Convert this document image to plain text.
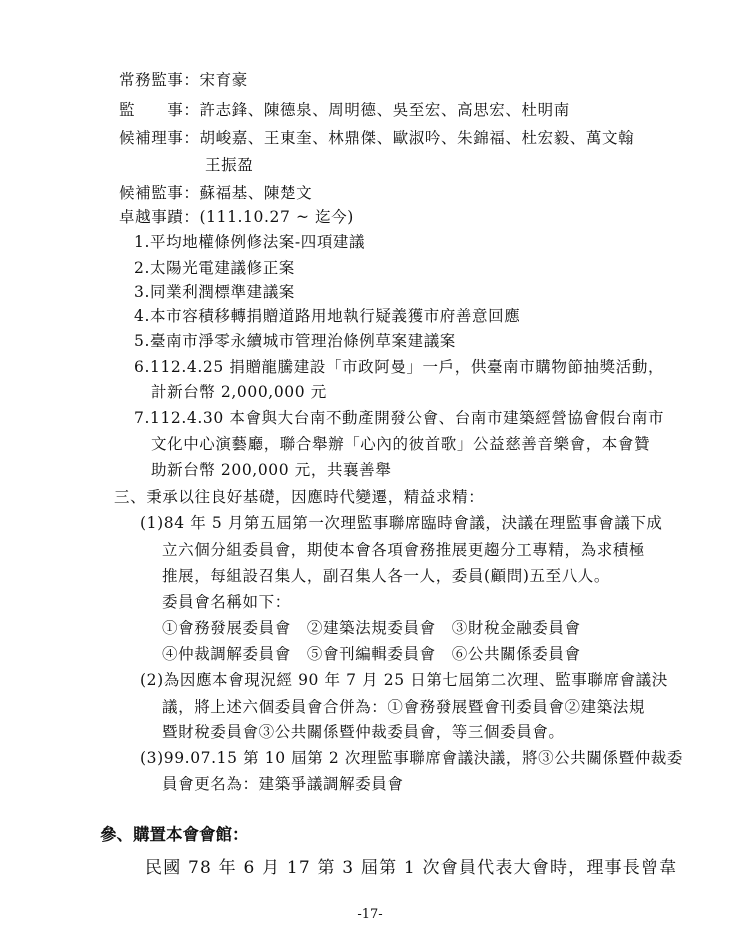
常務監事：宋育豪
監　　事：許志鋒、陳德泉、周明德、吳至宏、高思宏、杜明南
候補理事：胡峻嘉、王東奎、林鼎傑、歐淑吟、朱錦福、杜宏毅、萬文翰
王振盈
候補監事：蘇福基、陳楚文
卓越事蹟：(111.10.27 ~ 迄今)
1.平均地權條例修法案-四項建議
2.太陽光電建議修正案
3.同業利潤標準建議案
4.本市容積移轉捐贈道路用地執行疑義獲市府善意回應
5.臺南市淨零永續城市管理治條例草案建議案
6.112.4.25 捐贈龍騰建設「市政阿曼」一戶，供臺南市購物節抽獎活動，
計新台幣 2,000,000 元
7.112.4.30 本會與大台南不動產開發公會、台南市建築經營協會假台南市
文化中心演藝廳，聯合舉辦「心內的彼首歌」公益慈善音樂會，本會贊
助新台幣 200,000 元，共襄善舉
三、秉承以往良好基礎，因應時代變遷，精益求精：
(1)84 年 5 月第五屆第一次理監事聯席臨時會議，決議在理監事會議下成
立六個分組委員會，期使本會各項會務推展更趨分工專精，為求積極
推展，每組設召集人，副召集人各一人，委員(顧問)五至八人。
委員會名稱如下：
①會務發展委員會　②建築法規委員會　③財稅金融委員會
④仲裁調解委員會　⑤會刊編輯委員會　⑥公共關係委員會
(2)為因應本會現況經 90 年 7 月 25 日第七屆第二次理、監事聯席會議決
議，將上述六個委員會合併為：①會務發展暨會刊委員會②建築法規
暨財稅委員會③公共關係暨仲裁委員會，等三個委員會。
(3)99.07.15 第 10 屆第 2 次理監事聯席會議決議，將③公共關係暨仲裁委
員會更名為：建築爭議調解委員會
參、購置本會會館：
民國 78 年 6 月 17 第 3 屆第 1 次會員代表大會時，理事長曾韋
-17-
